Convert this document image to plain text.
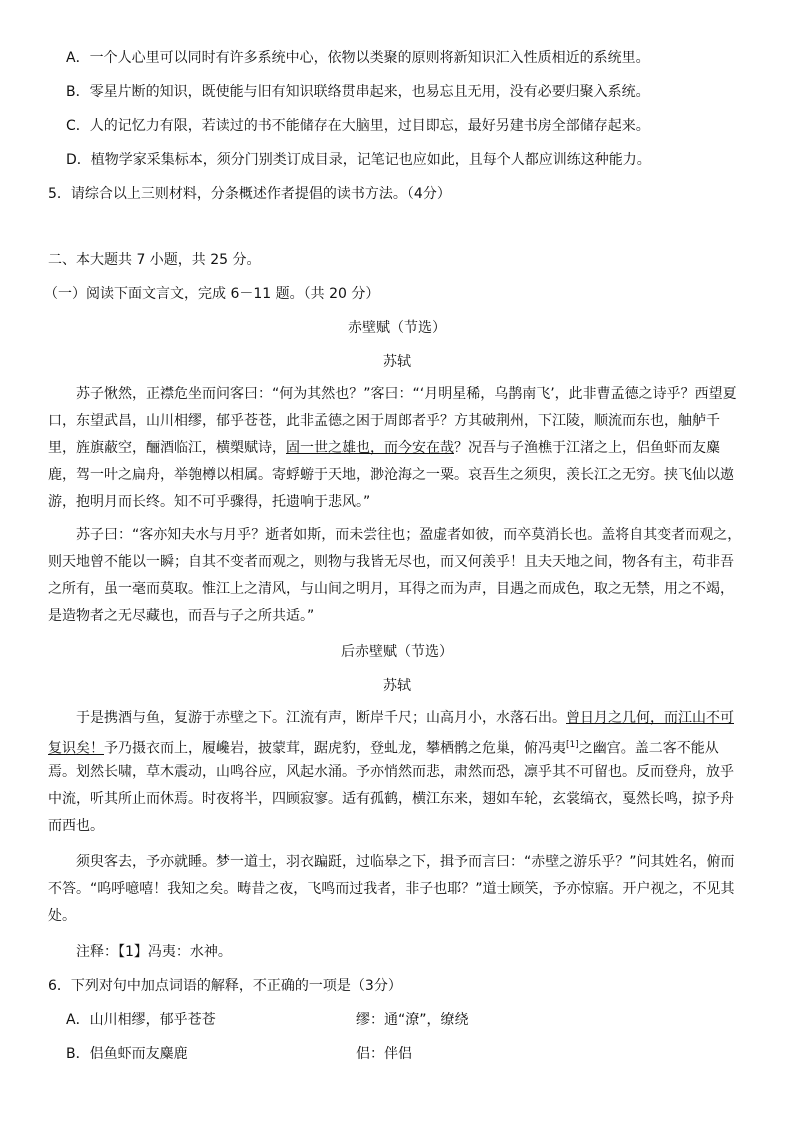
A．一个人心里可以同时有许多系统中心，依物以类聚的原则将新知识汇入性质相近的系统里。
B．零星片断的知识，既使能与旧有知识联络贯串起来，也易忘且无用，没有必要归聚入系统。
C．人的记忆力有限，若读过的书不能储存在大脑里，过目即忘，最好另建书房全部储存起来。
D．植物学家采集标本，须分门别类订成目录，记笔记也应如此，且每个人都应训练这种能力。
5．请综合以上三则材料，分条概述作者提倡的读书方法。（4分）
二、本大题共 7 小题，共 25 分。
（一）阅读下面文言文，完成 6－11 题。（共 20 分）
赤壁赋（节选）
苏轼
苏子愀然，正襟危坐而问客曰：“何为其然也？”客曰：“‘月明星稀，乌鹊南飞’，此非曹孟德之诗乎？西望夏
口，东望武昌，山川相缪，郁乎苍苍，此非孟德之困于周郎者乎？方其破荆州，下江陵，顺流而东也，舳舻千
里，旌旗蔽空，酾酒临江，横槊赋诗，固一世之雄也，而今安在哉？况吾与子渔樵于江渚之上，侣鱼虾而友麋
鹿，驾一叶之扁舟，举匏樽以相属。寄蜉蝣于天地，渺沧海之一粟。哀吾生之须臾，羡长江之无穷。挟飞仙以遨
游，抱明月而长终。知不可乎骤得，托遗响于悲风。”
苏子曰：“客亦知夫水与月乎？逝者如斯，而未尝往也；盈虚者如彼，而卒莫消长也。盖将自其变者而观之，
则天地曾不能以一瞬；自其不变者而观之，则物与我皆无尽也，而又何羡乎！且夫天地之间，物各有主，苟非吾
之所有，虽一毫而莫取。惟江上之清风，与山间之明月，耳得之而为声，目遇之而成色，取之无禁，用之不竭，
是造物者之无尽藏也，而吾与子之所共适。”
后赤壁赋（节选）
苏轼
于是携酒与鱼，复游于赤壁之下。江流有声，断岸千尺；山高月小，水落石出。曾日月之几何，而江山不可
复识矣！予乃摄衣而上，履巉岩，披蒙茸，踞虎豹，登虬龙，攀栖鹘之危巢，俯冯夷[1]之幽宫。盖二客不能从
焉。划然长啸，草木震动，山鸣谷应，风起水涌。予亦悄然而悲，肃然而恐，凛乎其不可留也。反而登舟，放乎
中流，听其所止而休焉。时夜将半，四顾寂寥。适有孤鹤，横江东来，翅如车轮，玄裳缟衣，戛然长鸣，掠予舟
而西也。
须臾客去，予亦就睡。梦一道士，羽衣蹁跹，过临皋之下，揖予而言曰：“赤壁之游乐乎？”问其姓名，俯而
不答。“呜呼噫嘻！我知之矣。畴昔之夜，飞鸣而过我者，非子也耶？”道士顾笑，予亦惊寤。开户视之，不见其
处。
注释：【1】冯夷：水神。
6．下列对句中加点词语的解释，不正确的一项是（3分）
A．山川相缪，郁乎苍苍	缪：通“潦”，缭绕
B．侣鱼虾而友麋鹿	侣：伴侣
